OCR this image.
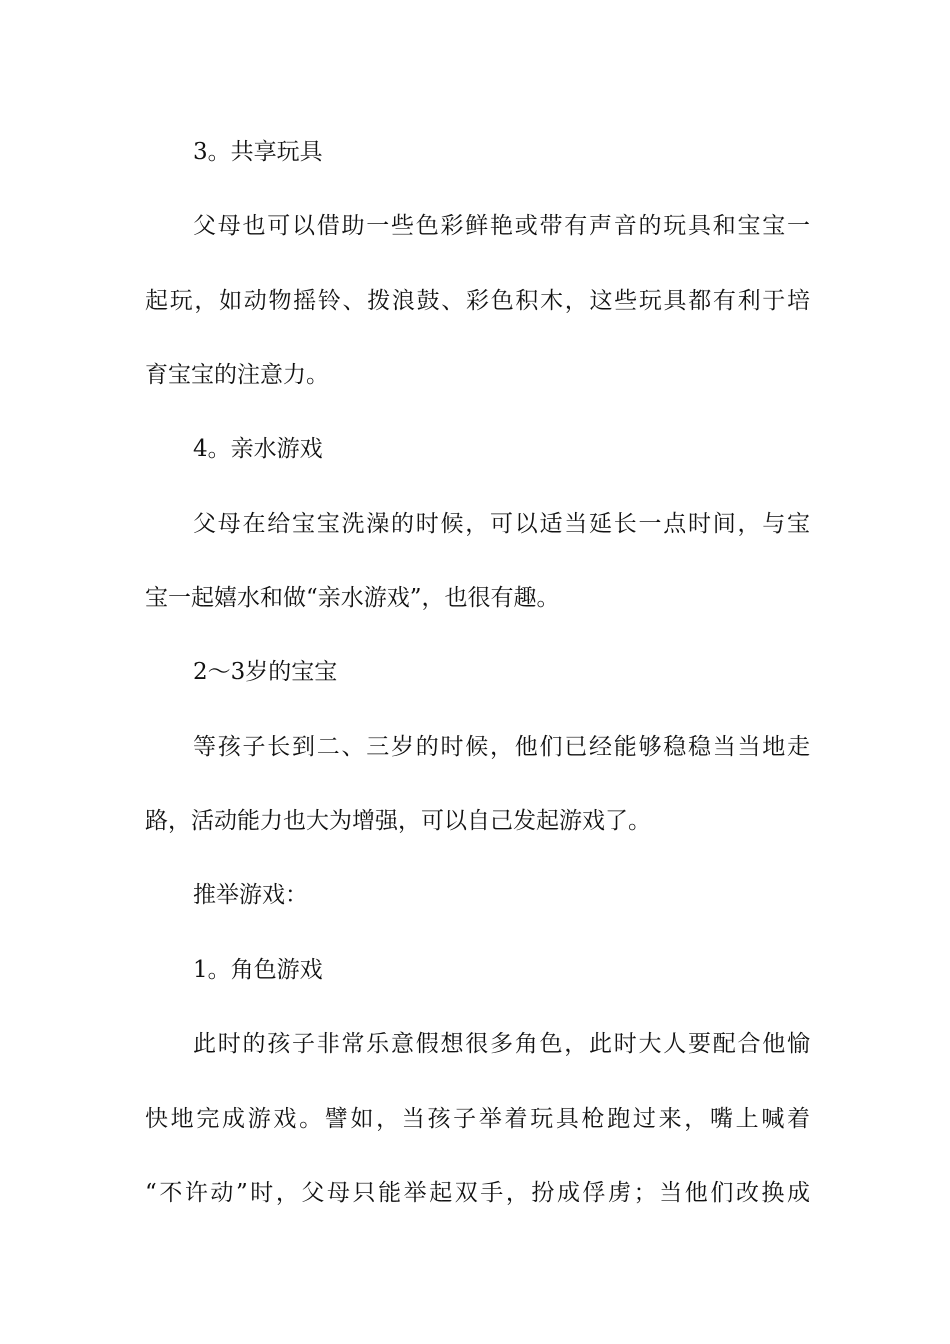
3。共享玩具

父母也可以借助一些色彩鲜艳或带有声音的玩具和宝宝一

起玩，如动物摇铃、拨浪鼓、彩色积木，这些玩具都有利于培

育宝宝的注意力。

4。亲水游戏

父母在给宝宝洗澡的时候，可以适当延长一点时间，与宝

宝一起嬉水和做“亲水游戏”，也很有趣。

2～3岁的宝宝

等孩子长到二、三岁的时候，他们已经能够稳稳当当地走

路，活动能力也大为增强，可以自己发起游戏了。

推举游戏：

1。角色游戏

此时的孩子非常乐意假想很多角色，此时大人要配合他愉

快地完成游戏。譬如，当孩子举着玩具枪跑过来，嘴上喊着

“不许动”时，父母只能举起双手，扮成俘虏；当他们改换成
